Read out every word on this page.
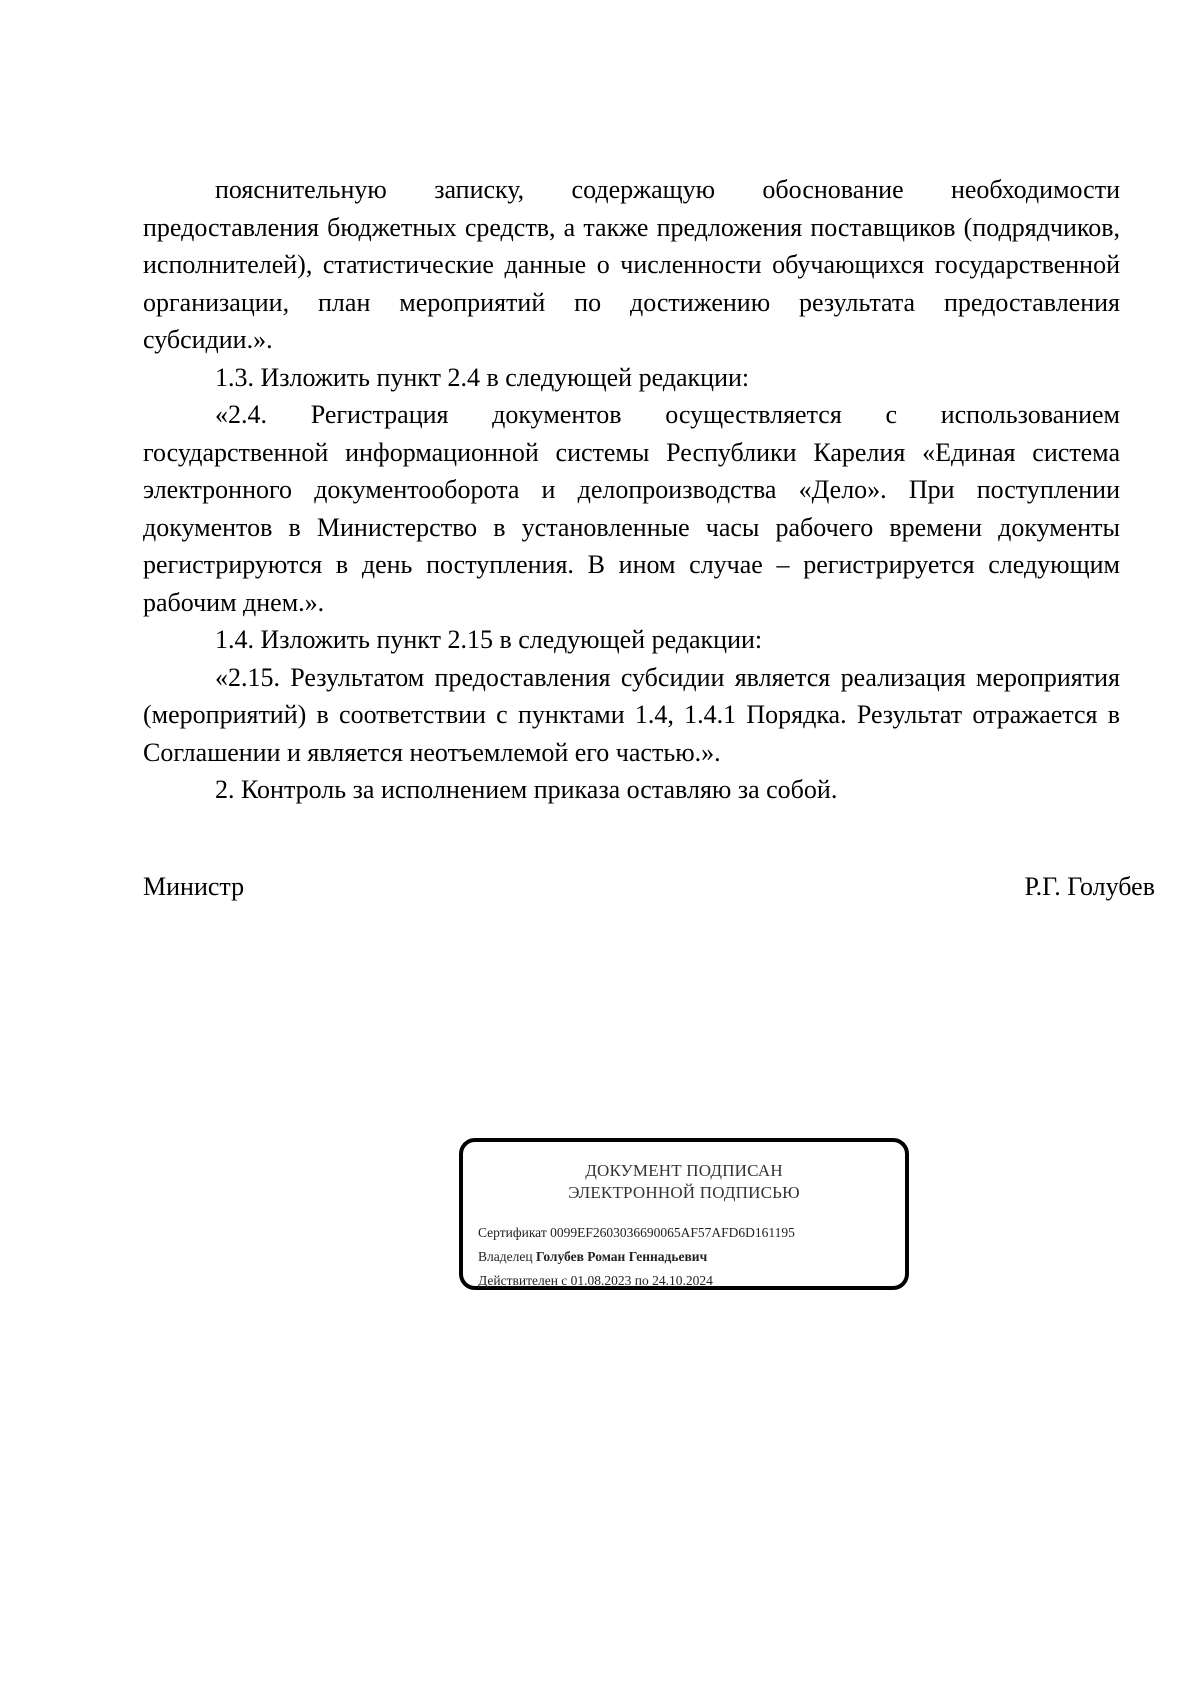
пояснительную записку, содержащую обоснование необходимости предоставления бюджетных средств, а также предложения поставщиков (подрядчиков, исполнителей), статистические данные о численности обучающихся государственной организации, план мероприятий по достижению результата предоставления субсидии.».

1.3. Изложить пункт 2.4 в следующей редакции:

«2.4. Регистрация документов осуществляется с использованием государственной информационной системы Республики Карелия «Единая система электронного документооборота и делопроизводства «Дело». При поступлении документов в Министерство в установленные часы рабочего времени документы регистрируются в день поступления. В ином случае – регистрируется следующим рабочим днем.».

1.4. Изложить пункт 2.15 в следующей редакции:

«2.15. Результатом предоставления субсидии является реализация мероприятия (мероприятий) в соответствии с пунктами 1.4, 1.4.1 Порядка. Результат отражается в Соглашении и является неотъемлемой его частью.».

2. Контроль за исполнением приказа оставляю за собой.

Министр	Р.Г. Голубев
ДОКУМЕНТ ПОДПИСАН
ЭЛЕКТРОННОЙ ПОДПИСЬЮ
Сертификат 0099EF2603036690065AF57AFD6D161195
Владелец Голубев Роман Геннадьевич
Действителен с 01.08.2023 по 24.10.2024
